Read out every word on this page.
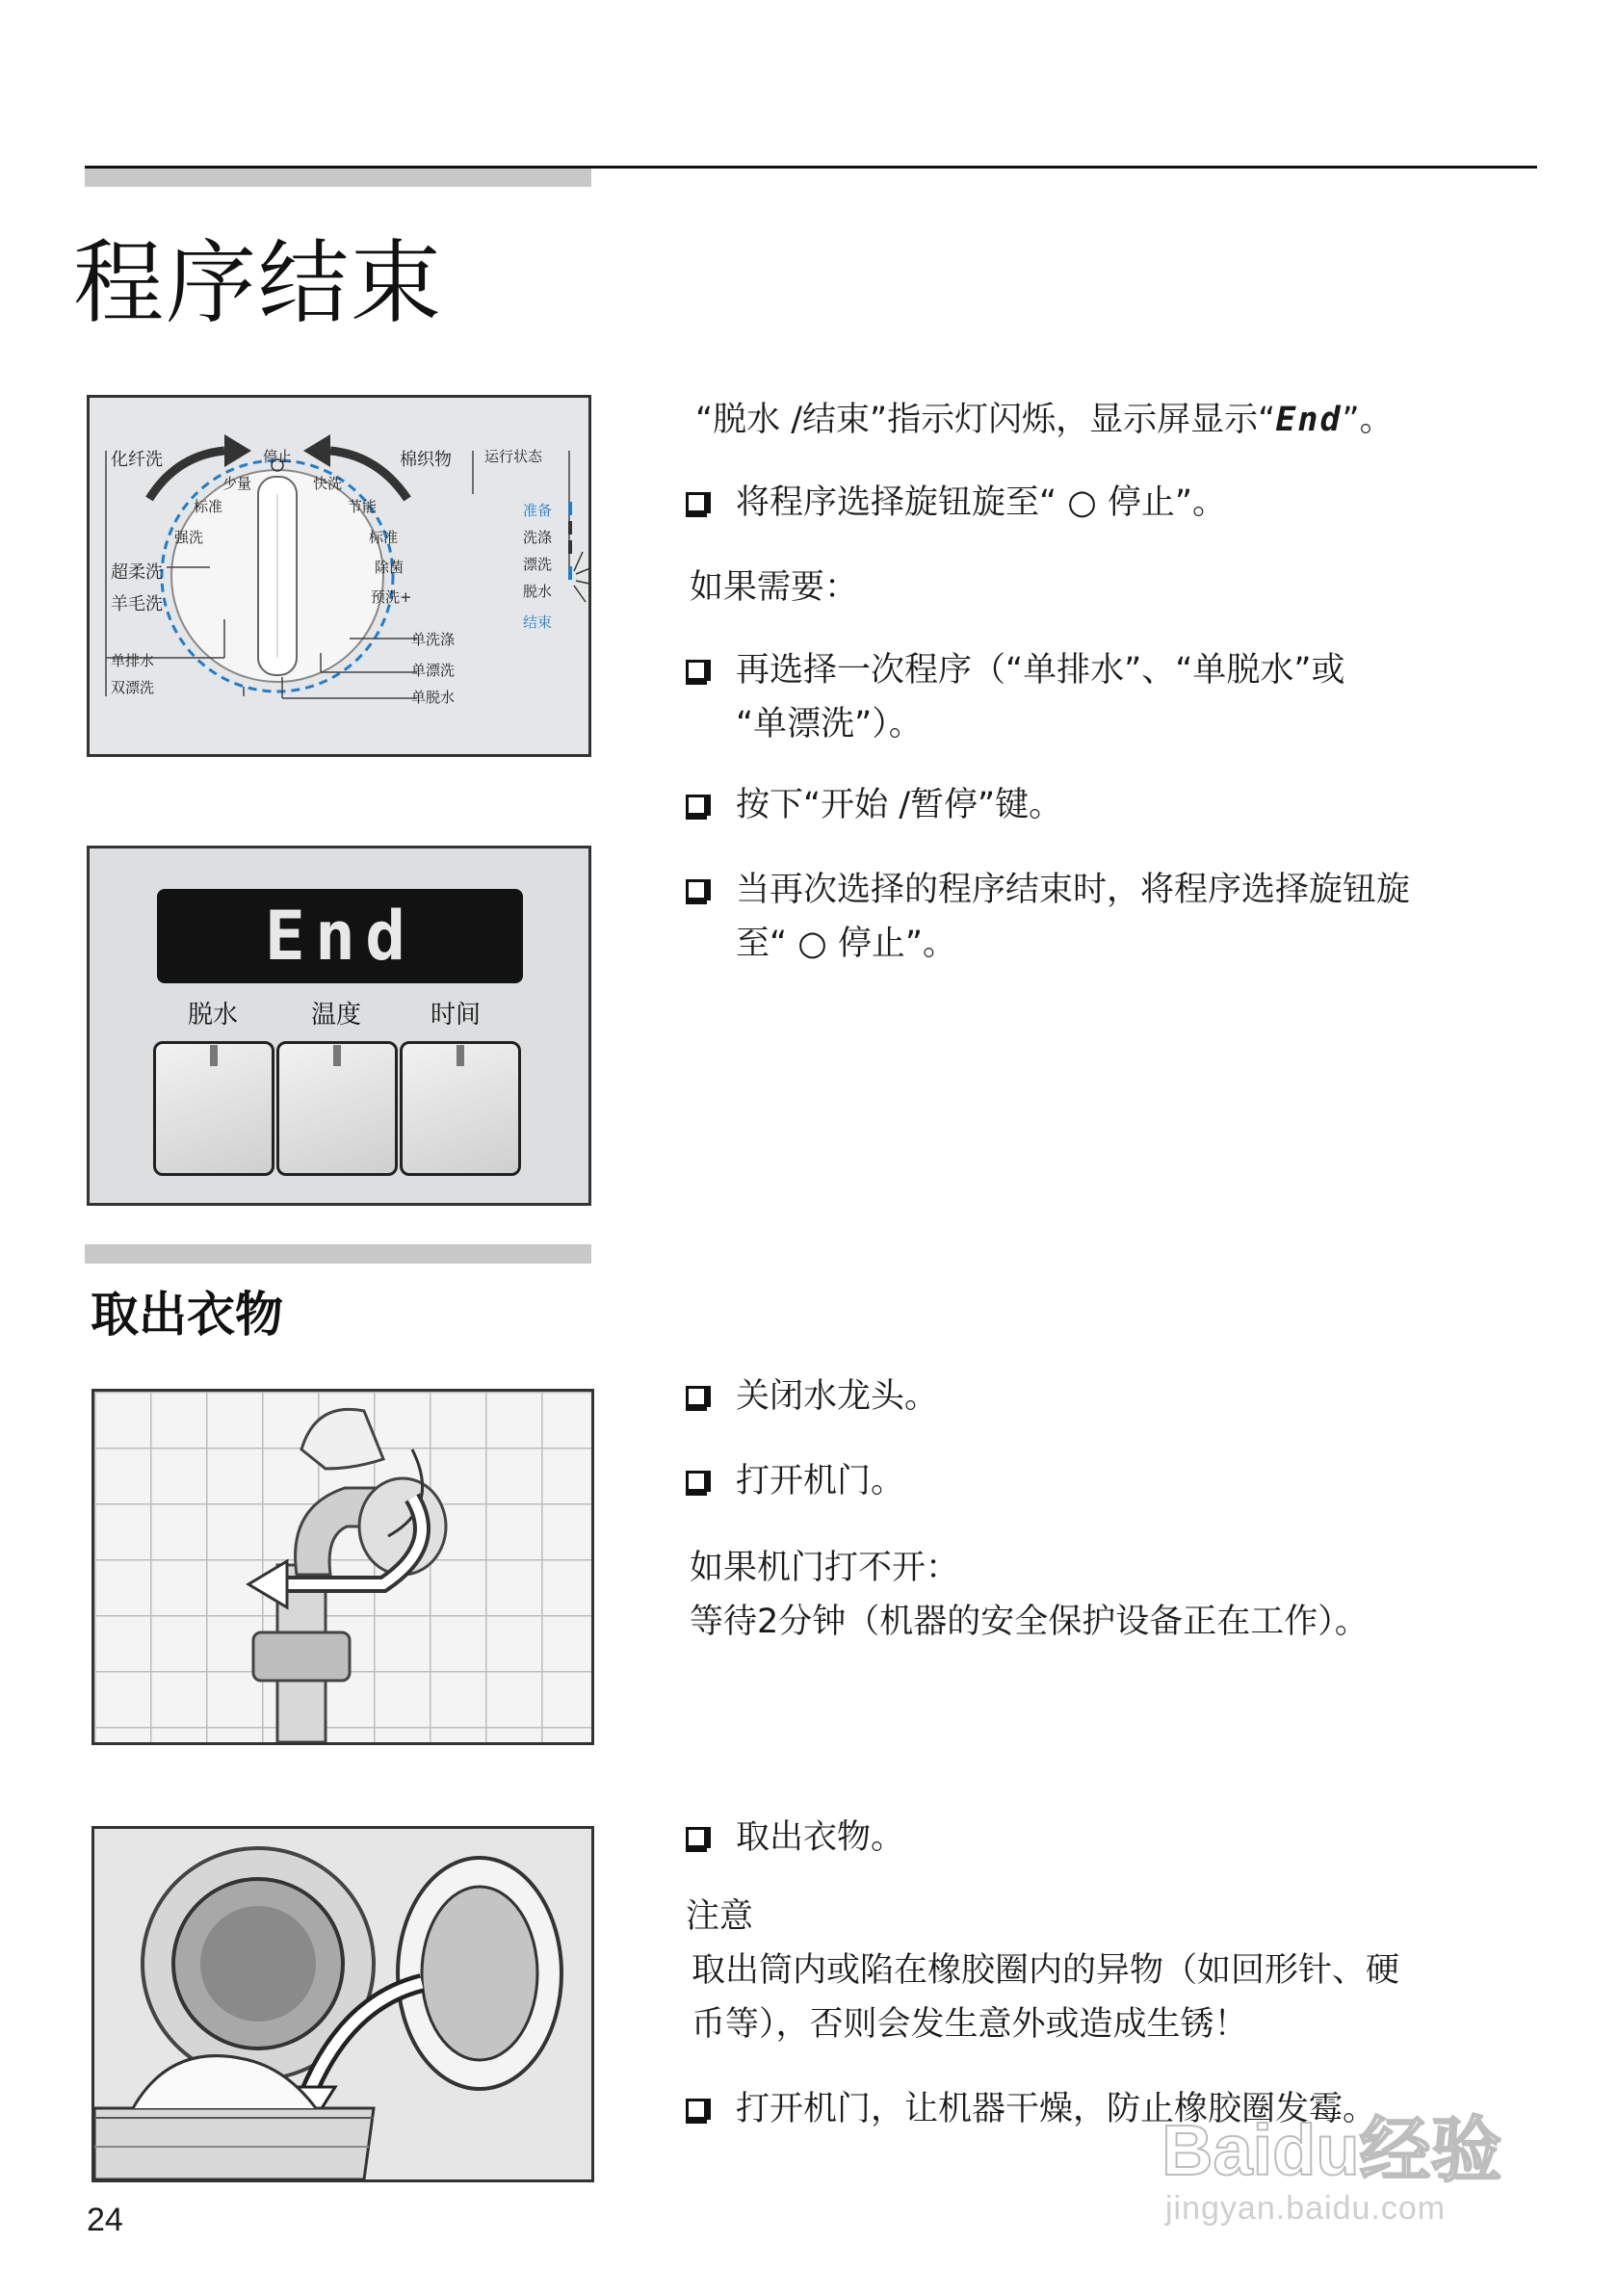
程序结束
化纤洗
超柔洗
羊毛洗
单排水
双漂洗
少量
停止
快洗
标准	节能
强洗	标准
除菌
预洗+
棉织物
单洗涤
单漂洗
单脱水
运行状态
准备
洗涤
漂洗
脱水
结束
End
脱水	温度	时间
“脱水 /结束”指示灯闪烁，显示屏显示“End”。
将程序选择旋钮旋至“ ○ 停止”。
如果需要：
再选择一次程序（“单排水”、“单脱水”或
“单漂洗”）。
按下“开始 /暂停”键。
当再次选择的程序结束时，将程序选择旋钮旋
至“ ○ 停止”。
取出衣物
关闭水龙头。
打开机门。
如果机门打不开：
等待2分钟（机器的安全保护设备正在工作）。
取出衣物。
注意
取出筒内或陷在橡胶圈内的异物（如回形针、硬
币等），否则会发生意外或造成生锈！
打开机门，让机器干燥，防止橡胶圈发霉。
24
Baidu经验
jingyan.baidu.com
